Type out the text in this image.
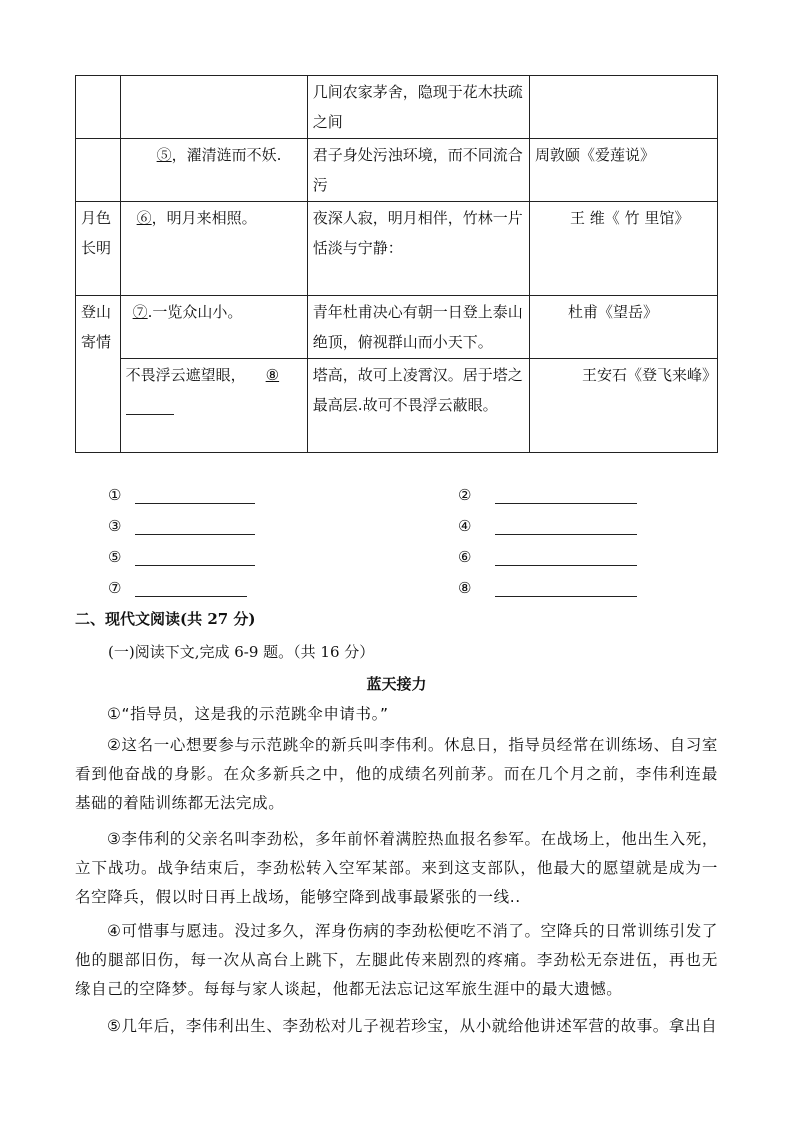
		几间农家茅舍，隐现于花木扶疏之间	
	⑤，濯清涟而不妖.	君子身处污浊环境，而不同流合污	周敦颐《爱莲说》
月色长明	⑥，明月来相照。	夜深人寂，明月相伴，竹林一片恬淡与宁静：	王 维《 竹 里馆》
登山寄情	⑦.一览众山小。	青年杜甫决心有朝一日登上泰山绝顶，俯视群山而小天下。	杜甫《望岳》
	不畏浮云遮望眼， ⑧	塔高，故可上凌霄汉。居于塔之最高层.故可不畏浮云蔽眼。	王安石《登飞来峰》
①	②
③	④
⑤	⑥
⑦	⑧
二、现代文阅读(共 27 分)
(一)阅读下文,完成 6-9 题。（共 16 分）
蓝天接力
①“指导员，这是我的示范跳伞申请书。”
②这名一心想要参与示范跳伞的新兵叫李伟利。休息日，指导员经常在训练场、自习室看到他奋战的身影。在众多新兵之中，他的成绩名列前茅。而在几个月之前，李伟利连最基础的着陆训练都无法完成。
③李伟利的父亲名叫李劲松，多年前怀着满腔热血报名参军。在战场上，他出生入死，立下战功。战争结束后，李劲松转入空军某部。来到这支部队，他最大的愿望就是成为一名空降兵，假以时日再上战场，能够空降到战事最紧张的一线..
④可惜事与愿违。没过多久，浑身伤病的李劲松便吃不消了。空降兵的日常训练引发了他的腿部旧伤，每一次从高台上跳下，左腿此传来剧烈的疼痛。李劲松无奈进伍，再也无缘自己的空降梦。每每与家人谈起，他都无法忘记这军旅生涯中的最大遗憾。
⑤几年后，李伟利出生、李劲松对儿子视若珍宝，从小就给他讲述军营的故事。拿出自
